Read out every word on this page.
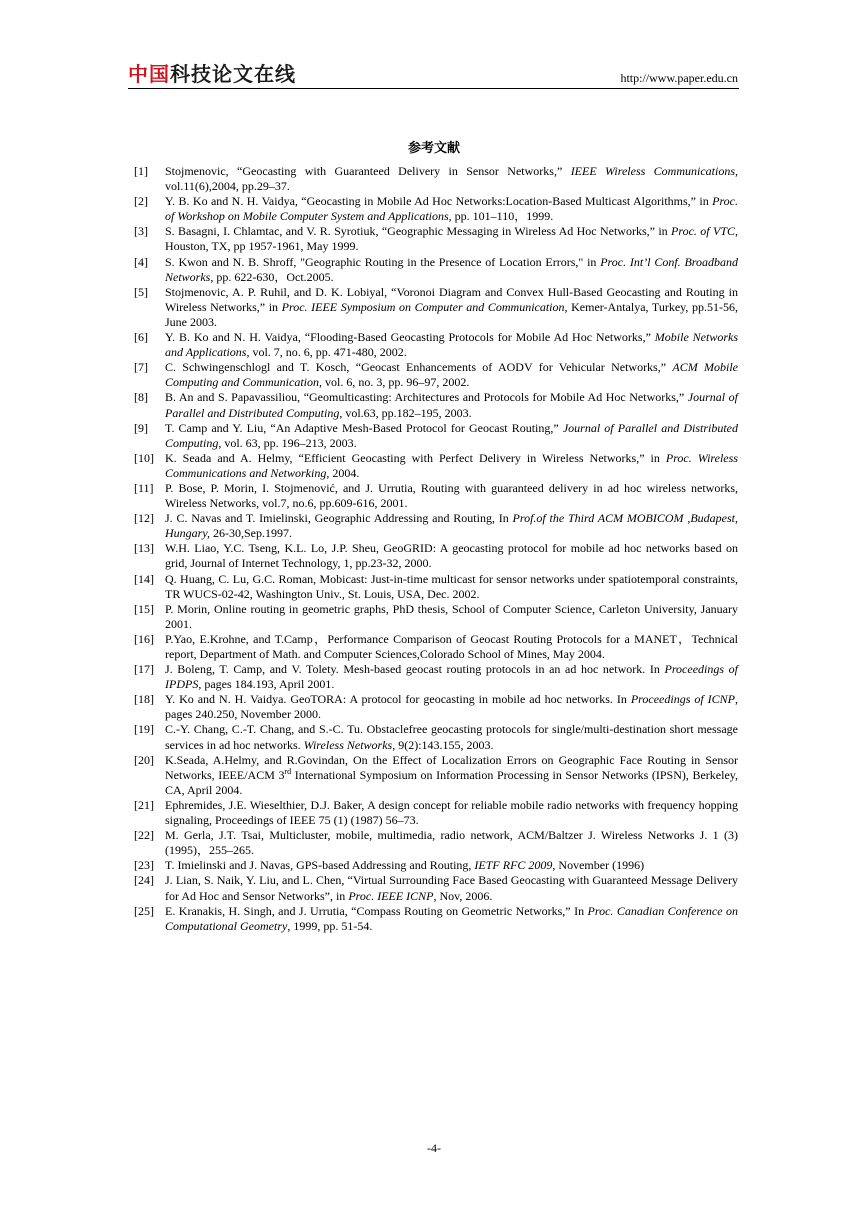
中国 科技论文在线	http://www.paper.edu.cn
参考文献
[1]	Stojmenovic, “Geocasting with Guaranteed Delivery in Sensor Networks,” IEEE Wireless Communications, vol.11(6),2004, pp.29–37.
[2]	Y. B. Ko and N. H. Vaidya, “Geocasting in Mobile Ad Hoc Networks:Location-Based Multicast Algorithms,” in Proc. of Workshop on Mobile Computer System and Applications, pp. 101–110，1999.
[3]	S. Basagni, I. Chlamtac, and V. R. Syrotiuk, “Geographic Messaging in Wireless Ad Hoc Networks,” in Proc. of VTC, Houston, TX, pp 1957-1961, May 1999.
[4]	S. Kwon and N. B. Shroff, "Geographic Routing in the Presence of Location Errors," in Proc. Int’l Conf. Broadband Networks, pp. 622-630，Oct.2005.
[5]	Stojmenovic, A. P. Ruhil, and D. K. Lobiyal, “Voronoi Diagram and Convex Hull-Based Geocasting and Routing in Wireless Networks,” in Proc. IEEE Symposium on Computer and Communication, Kemer-Antalya, Turkey, pp.51-56, June 2003.
[6]	Y. B. Ko and N. H. Vaidya, “Flooding-Based Geocasting Protocols for Mobile Ad Hoc Networks,” Mobile Networks and Applications, vol. 7, no. 6, pp. 471-480, 2002.
[7]	C. Schwingenschlogl and T. Kosch, “Geocast Enhancements of AODV for Vehicular Networks,” ACM Mobile Computing and Communication, vol. 6, no. 3, pp. 96–97, 2002.
[8]	B. An and S. Papavassiliou, “Geomulticasting: Architectures and Protocols for Mobile Ad Hoc Networks,” Journal of Parallel and Distributed Computing, vol.63, pp.182–195, 2003.
[9]	T. Camp and Y. Liu, “An Adaptive Mesh-Based Protocol for Geocast Routing,” Journal of Parallel and Distributed Computing, vol. 63, pp. 196–213, 2003.
[10] K. Seada and A. Helmy, “Efficient Geocasting with Perfect Delivery in Wireless Networks,” in Proc. Wireless Communications and Networking, 2004.
[11] P. Bose, P. Morin, I. Stojmenović, and J. Urrutia, Routing with guaranteed delivery in ad hoc wireless networks, Wireless Networks, vol.7, no.6, pp.609-616, 2001.
[12] J. C. Navas and T. Imielinski, Geographic Addressing and Routing, In Prof.of the Third ACM MOBICOM ,Budapest, Hungary, 26-30,Sep.1997.
[13] W.H. Liao, Y.C. Tseng, K.L. Lo, J.P. Sheu, GeoGRID: A geocasting protocol for mobile ad hoc networks based on grid, Journal of Internet Technology, 1, pp.23-32, 2000.
[14] Q. Huang, C. Lu, G.C. Roman, Mobicast: Just-in-time multicast for sensor networks under spatiotemporal constraints, TR WUCS-02-42, Washington Univ., St. Louis, USA, Dec. 2002.
[15] P. Morin, Online routing in geometric graphs, PhD thesis, School of Computer Science, Carleton University, January 2001.
[16] P.Yao, E.Krohne, and T.Camp，Performance Comparison of Geocast Routing Protocols for a MANET，Technical report, Department of Math. and Computer Sciences,Colorado School of Mines, May 2004.
[17] J. Boleng, T. Camp, and V. Tolety. Mesh-based geocast routing protocols in an ad hoc network. In Proceedings of IPDPS, pages 184.193, April 2001.
[18] Y. Ko and N. H. Vaidya. GeoTORA: A protocol for geocasting in mobile ad hoc networks. In Proceedings of ICNP, pages 240.250, November 2000.
[19] C.-Y. Chang, C.-T. Chang, and S.-C. Tu. Obstaclefree geocasting protocols for single/multi-destination short message services in ad hoc networks. Wireless Networks, 9(2):143.155, 2003.
[20] K.Seada, A.Helmy, and R.Govindan, On the Effect of Localization Errors on Geographic Face Routing in Sensor Networks, IEEE/ACM 3rd International Symposium on Information Processing in Sensor Networks (IPSN), Berkeley, CA, April 2004.
[21] Ephremides, J.E. Wieselthier, D.J. Baker, A design concept for reliable mobile radio networks with frequency hopping signaling, Proceedings of IEEE 75 (1) (1987) 56–73.
[22] M. Gerla, J.T. Tsai, Multicluster, mobile, multimedia, radio network, ACM/Baltzer J. Wireless Networks J. 1 (3) (1995)，255–265.
[23] T. Imielinski and J. Navas, GPS-based Addressing and Routing, IETF RFC 2009, November (1996)
[24] J. Lian, S. Naik, Y. Liu, and L. Chen, “Virtual Surrounding Face Based Geocasting with Guaranteed Message Delivery for Ad Hoc and Sensor Networks”, in Proc. IEEE ICNP, Nov, 2006.
[25] E. Kranakis, H. Singh, and J. Urrutia, “Compass Routing on Geometric Networks,” In Proc. Canadian Conference on Computational Geometry, 1999, pp. 51-54.
-4-
